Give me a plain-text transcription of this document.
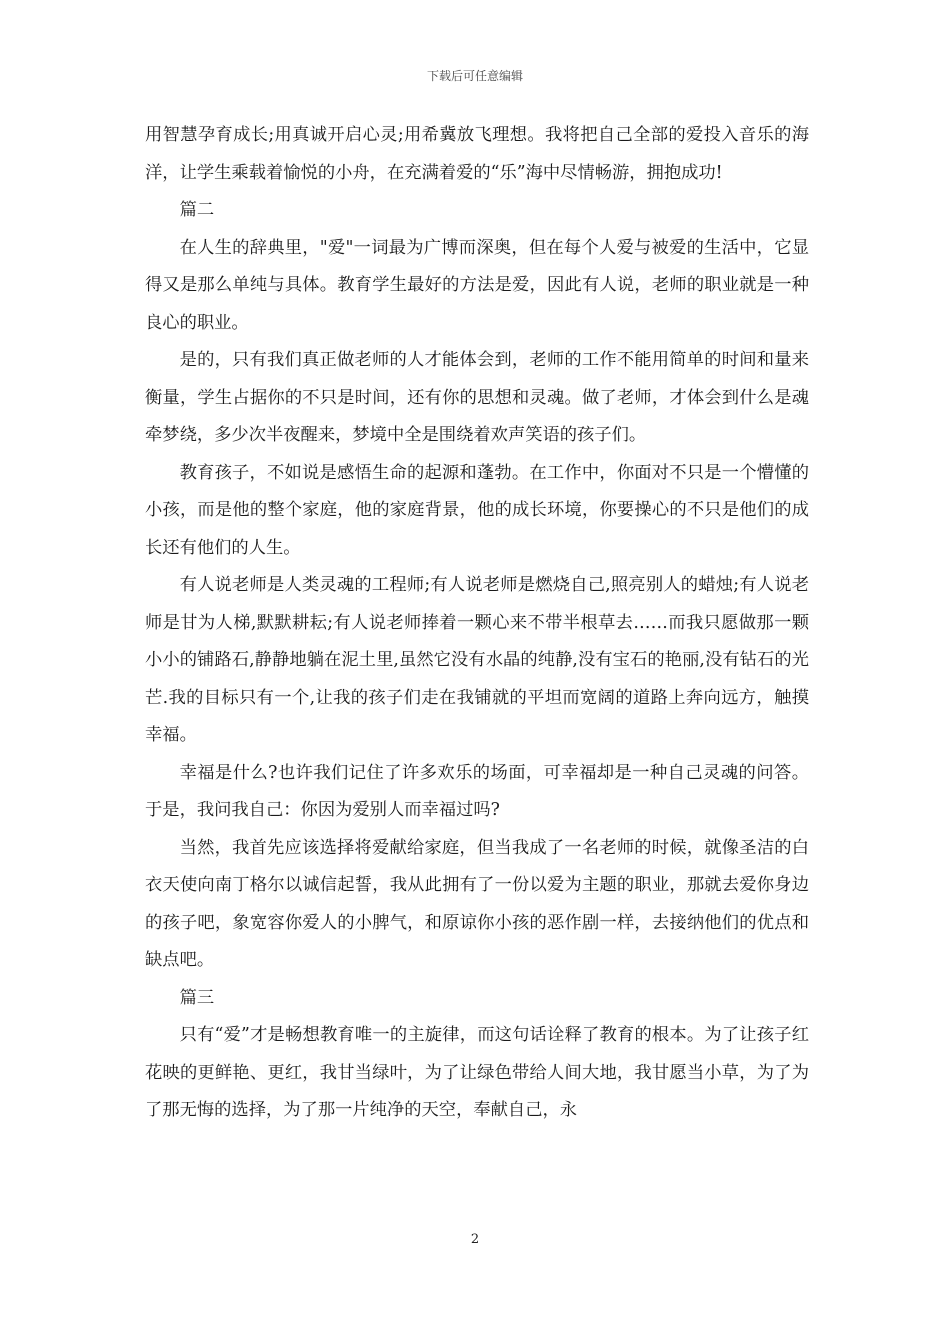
下载后可任意编辑

用智慧孕育成长;用真诚开启心灵;用希冀放飞理想。我将把自己全部的爱投入音乐的海洋，让学生乘载着愉悦的小舟，在充满着爱的“乐”海中尽情畅游，拥抱成功!

篇二

在人生的辞典里，"爱"一词最为广博而深奥，但在每个人爱与被爱的生活中，它显得又是那么单纯与具体。教育学生最好的方法是爱，因此有人说，老师的职业就是一种良心的职业。

是的，只有我们真正做老师的人才能体会到，老师的工作不能用简单的时间和量来衡量，学生占据你的不只是时间，还有你的思想和灵魂。做了老师，才体会到什么是魂牵梦绕，多少次半夜醒来，梦境中全是围绕着欢声笑语的孩子们。

教育孩子，不如说是感悟生命的起源和蓬勃。在工作中，你面对不只是一个懵懂的小孩，而是他的整个家庭，他的家庭背景，他的成长环境，你要操心的不只是他们的成长还有他们的人生。

有人说老师是人类灵魂的工程师;有人说老师是燃烧自己,照亮别人的蜡烛;有人说老师是甘为人梯,默默耕耘;有人说老师捧着一颗心来不带半根草去……而我只愿做那一颗小小的铺路石,静静地躺在泥土里,虽然它没有水晶的纯静,没有宝石的艳丽,没有钻石的光芒.我的目标只有一个,让我的孩子们走在我铺就的平坦而宽阔的道路上奔向远方，触摸幸福。

幸福是什么?也许我们记住了许多欢乐的场面，可幸福却是一种自己灵魂的问答。于是，我问我自己：你因为爱别人而幸福过吗?

当然，我首先应该选择将爱献给家庭，但当我成了一名老师的时候，就像圣洁的白衣天使向南丁格尔以诚信起誓，我从此拥有了一份以爱为主题的职业，那就去爱你身边的孩子吧，象宽容你爱人的小脾气，和原谅你小孩的恶作剧一样，去接纳他们的优点和缺点吧。

篇三

只有“爱”才是畅想教育唯一的主旋律，而这句话诠释了教育的根本。为了让孩子红花映的更鲜艳、更红，我甘当绿叶，为了让绿色带给人间大地，我甘愿当小草，为了为了那无悔的选择，为了那一片纯净的天空，奉献自己，永

2
